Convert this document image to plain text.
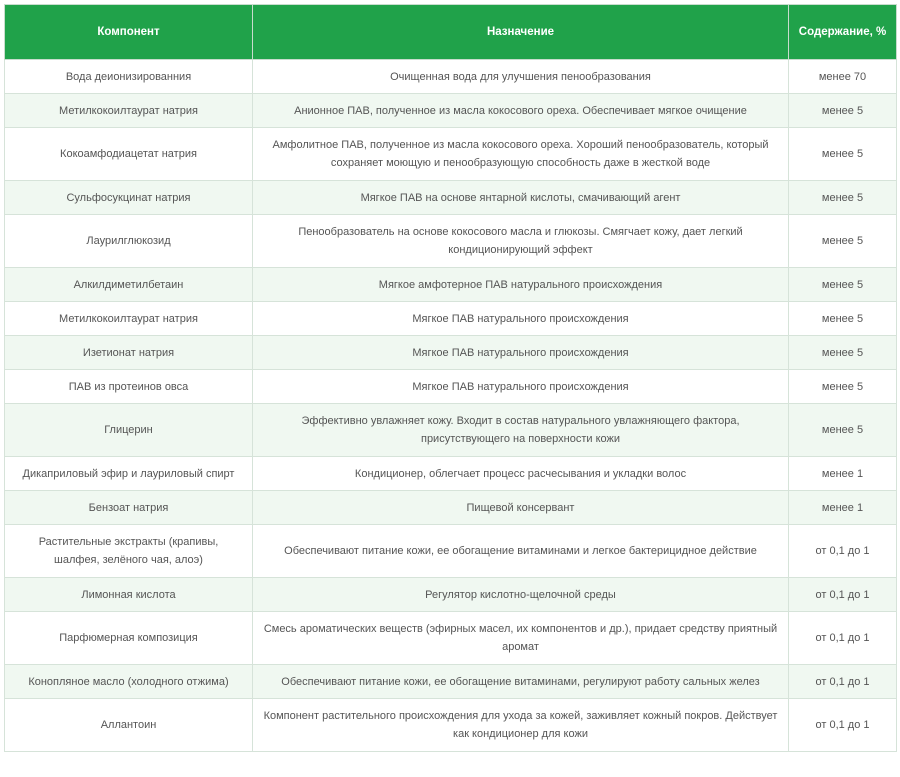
Компонент	Назначение	Содержание, %
Вода деионизированния	Очищенная вода для улучшения пенообразования	менее 70
Метилкокоилтаурат натрия	Анионное ПАВ, полученное из масла кокосового ореха. Обеспечивает мягкое очищение	менее 5
Кокоамфодиацетат натрия	Амфолитное ПАВ, полученное из масла кокосового ореха. Хороший пенообразователь, который сохраняет моющую и пенообразующую способность даже в жесткой воде	менее 5
Сульфосукцинат натрия	Мягкое ПАВ на основе янтарной кислоты, смачивающий агент	менее 5
Лаурилглюкозид	Пенообразователь на основе кокосового масла и глюкозы. Смягчает кожу, дает легкий кондиционирующий эффект	менее 5
Алкилдиметилбетаин	Мягкое амфотерное ПАВ натурального происхождения	менее 5
Метилкокоилтаурат натрия	Мягкое ПАВ натурального происхождения	менее 5
Изетионат натрия	Мягкое ПАВ натурального происхождения	менее 5
ПАВ из протеинов овса	Мягкое ПАВ натурального происхождения	менее 5
Глицерин	Эффективно увлажняет кожу. Входит в состав натурального увлажняющего фактора, присутствующего на поверхности кожи	менее 5
Дикаприловый эфир и лауриловый спирт	Кондиционер, облегчает процесс расчесывания и укладки волос	менее 1
Бензоат натрия	Пищевой консервант	менее 1
Растительные экстракты (крапивы, шалфея, зелёного чая, алоэ)	Обеспечивают питание кожи, ее обогащение витаминами и легкое бактерицидное действие	от 0,1 до 1
Лимонная кислота	Регулятор кислотно-щелочной среды	от 0,1 до 1
Парфюмерная композиция	Смесь ароматических веществ (эфирных масел, их компонентов и др.), придает средству приятный аромат	от 0,1 до 1
Конопляное масло (холодного отжима)	Обеспечивают питание кожи, ее обогащение витаминами, регулируют работу сальных желез	от 0,1 до 1
Аллантоин	Компонент растительного происхождения для ухода за кожей, заживляет кожный покров. Действует как кондиционер для кожи	от 0,1 до 1
